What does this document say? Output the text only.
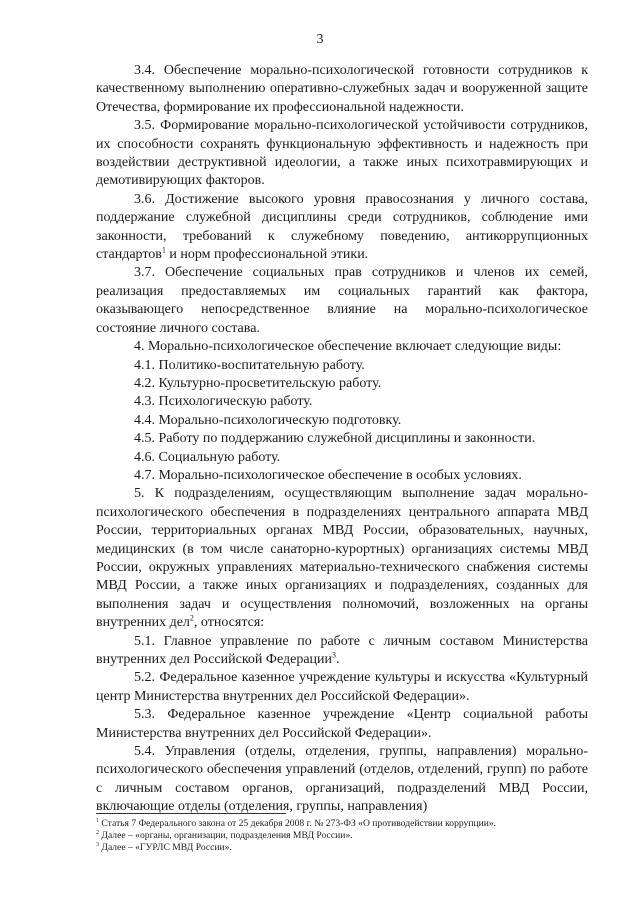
3

3.4. Обеспечение морально-психологической готовности сотрудников к качественному выполнению оперативно-служебных задач и вооруженной защите Отечества, формирование их профессиональной надежности.

3.5. Формирование морально-психологической устойчивости сотрудников, их способности сохранять функциональную эффективность и надежность при воздействии деструктивной идеологии, а также иных психотравмирующих и демотивирующих факторов.

3.6. Достижение высокого уровня правосознания у личного состава, поддержание служебной дисциплины среди сотрудников, соблюдение ими законности, требований к служебному поведению, антикоррупционных стандартов$^1$ и норм профессиональной этики.

3.7. Обеспечение социальных прав сотрудников и членов их семей, реализация предоставляемых им социальных гарантий как фактора, оказывающего непосредственное влияние на морально-психологическое состояние личного состава.

4. Морально-психологическое обеспечение включает следующие виды:

4.1. Политико-воспитательную работу.

4.2. Культурно-просветительскую работу.

4.3. Психологическую работу.

4.4. Морально-психологическую подготовку.

4.5. Работу по поддержанию служебной дисциплины и законности.

4.6. Социальную работу.

4.7. Морально-психологическое обеспечение в особых условиях.

5. К подразделениям, осуществляющим выполнение задач морально-психологического обеспечения в подразделениях центрального аппарата МВД России, территориальных органах МВД России, образовательных, научных, медицинских (в том числе санаторно-курортных) организациях системы МВД России, окружных управлениях материально-технического снабжения системы МВД России, а также иных организациях и подразделениях, созданных для выполнения задач и осуществления полномочий, возложенных на органы внутренних дел$^2$, относятся:

5.1. Главное управление по работе с личным составом Министерства внутренних дел Российской Федерации$^3$.

5.2. Федеральное казенное учреждение культуры и искусства «Культурный центр Министерства внутренних дел Российской Федерации».

5.3. Федеральное казенное учреждение «Центр социальной работы Министерства внутренних дел Российской Федерации».

5.4. Управления (отделы, отделения, группы, направления) морально-психологического обеспечения управлений (отделов, отделений, групп) по работе с личным составом органов, организаций, подразделений МВД России, включающие отделы (отделения, группы, направления)

$^1$ Статья 7 Федерального закона от 25 декабря 2008 г. № 273-ФЗ «О противодействии коррупции».
$^2$ Далее – «органы, организации, подразделения МВД России».
$^3$ Далее – «ГУРЛС МВД России».
